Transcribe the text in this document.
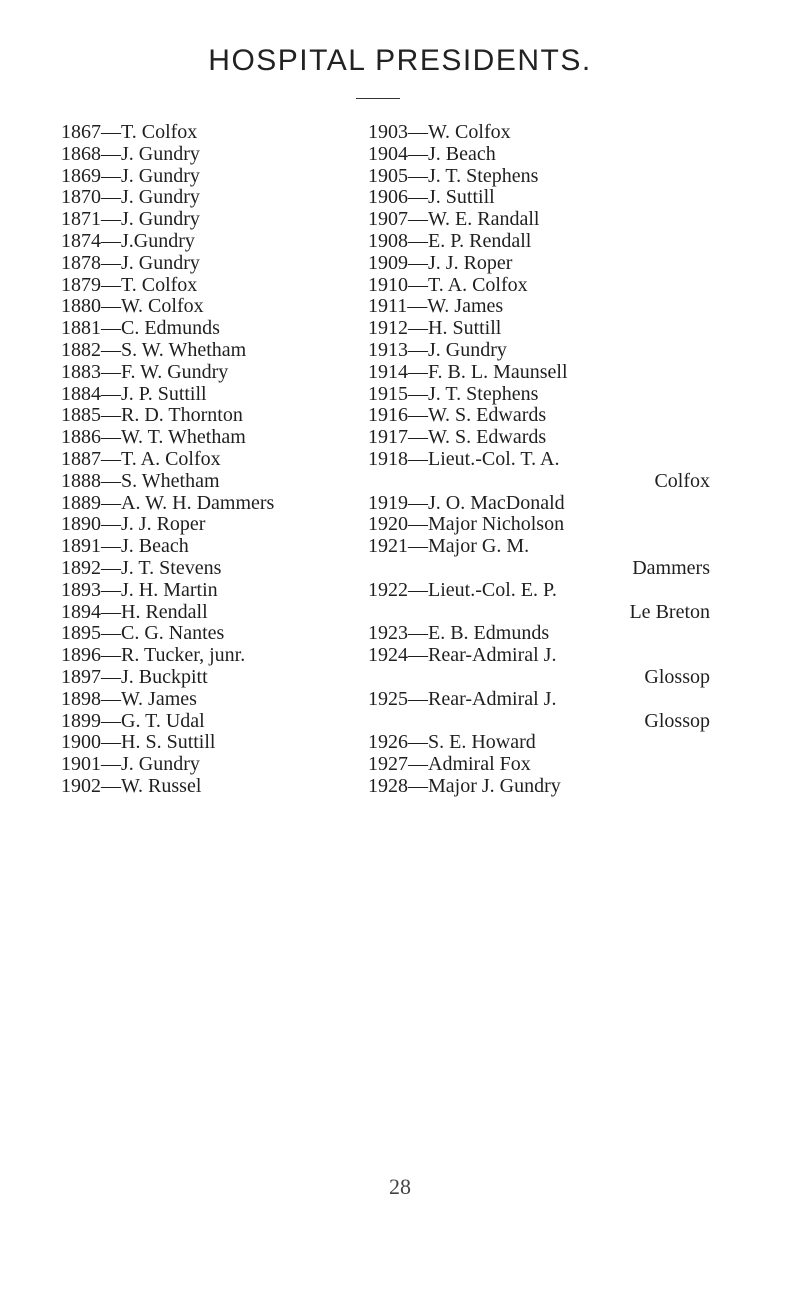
HOSPITAL PRESIDENTS.
1867—T. Colfox
1868—J. Gundry
1869—J. Gundry
1870—J. Gundry
1871—J. Gundry
1874—J.Gundry
1878—J. Gundry
1879—T. Colfox
1880—W. Colfox
1881—C. Edmunds
1882—S. W. Whetham
1883—F. W. Gundry
1884—J. P. Suttill
1885—R. D. Thornton
1886—W. T. Whetham
1887—T. A. Colfox
1888—S. Whetham
1889—A. W. H. Dammers
1890—J. J. Roper
1891—J. Beach
1892—J. T. Stevens
1893—J. H. Martin
1894—H. Rendall
1895—C. G. Nantes
1896—R. Tucker, junr.
1897—J. Buckpitt
1898—W. James
1899—G. T. Udal
1900—H. S. Suttill
1901—J. Gundry
1902—W. Russel
1903—W. Colfox
1904—J. Beach
1905—J. T. Stephens
1906—J. Suttill
1907—W. E. Randall
1908—E. P. Rendall
1909—J. J. Roper
1910—T. A. Colfox
1911—W. James
1912—H. Suttill
1913—J. Gundry
1914—F. B. L. Maunsell
1915—J. T. Stephens
1916—W. S. Edwards
1917—W. S. Edwards
1918—Lieut.-Col. T. A.
Colfox
1919—J. O. MacDonald
1920—Major Nicholson
1921—Major G. M.
Dammers
1922—Lieut.-Col. E. P.
Le Breton
1923—E. B. Edmunds
1924—Rear-Admiral J.
Glossop
1925—Rear-Admiral J.
Glossop
1926—S. E. Howard
1927—Admiral Fox
1928—Major J. Gundry
28
